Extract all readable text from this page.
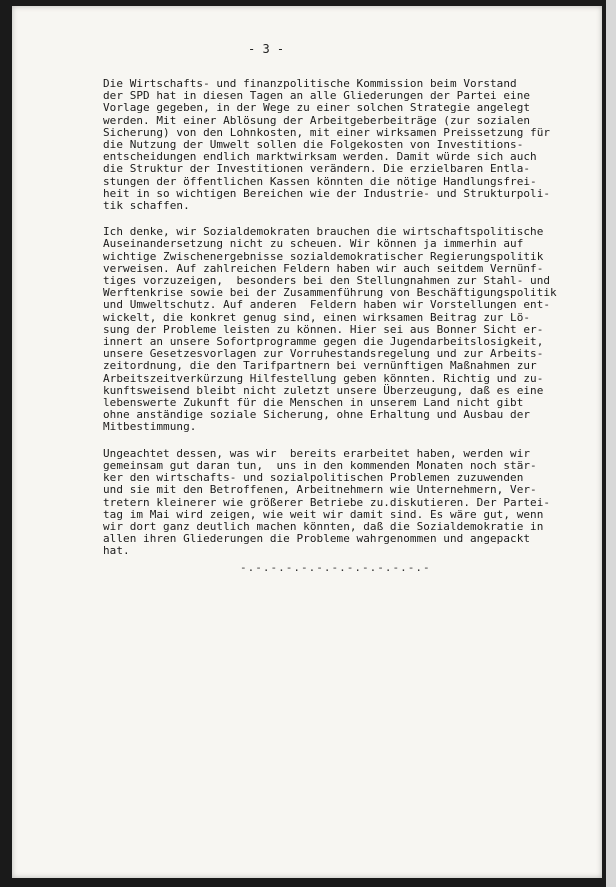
- 3 -
Die Wirtschafts- und finanzpolitische Kommission beim Vorstand
der SPD hat in diesen Tagen an alle Gliederungen der Partei eine
Vorlage gegeben, in der Wege zu einer solchen Strategie angelegt
werden. Mit einer Ablösung der Arbeitgeberbeiträge (zur sozialen
Sicherung) von den Lohnkosten, mit einer wirksamen Preissetzung für
die Nutzung der Umwelt sollen die Folgekosten von Investitions-
entscheidungen endlich marktwirksam werden. Damit würde sich auch
die Struktur der Investitionen verändern. Die erzielbaren Entla-
stungen der öffentlichen Kassen könnten die nötige Handlungsfrei-
heit in so wichtigen Bereichen wie der Industrie- und Strukturpoli-
tik schaffen.
Ich denke, wir Sozialdemokraten brauchen die wirtschaftspolitische
Auseinandersetzung nicht zu scheuen. Wir können ja immerhin auf
wichtige Zwischenergebnisse sozialdemokratischer Regierungspolitik
verweisen. Auf zahlreichen Feldern haben wir auch seitdem Vernünf-
tiges vorzuzeigen,  besonders bei den Stellungnahmen zur Stahl- und
Werftenkrise sowie bei der Zusammenführung von Beschäftigungspolitik
und Umweltschutz. Auf anderen  Feldern haben wir Vorstellungen ent-
wickelt, die konkret genug sind, einen wirksamen Beitrag zur Lö-
sung der Probleme leisten zu können. Hier sei aus Bonner Sicht er-
innert an unsere Sofortprogramme gegen die Jugendarbeitslosigkeit,
unsere Gesetzesvorlagen zur Vorruhestandsregelung und zur Arbeits-
zeitordnung, die den Tarifpartnern bei vernünftigen Maßnahmen zur
Arbeitszeitverkürzung Hilfestellung geben könnten. Richtig und zu-
kunftsweisend bleibt nicht zuletzt unsere Überzeugung, daß es eine
lebenswerte Zukunft für die Menschen in unserem Land nicht gibt
ohne anständige soziale Sicherung, ohne Erhaltung und Ausbau der
Mitbestimmung.
Ungeachtet dessen, was wir  bereits erarbeitet haben, werden wir
gemeinsam gut daran tun,  uns in den kommenden Monaten noch stär-
ker den wirtschafts- und sozialpolitischen Problemen zuzuwenden
und sie mit den Betroffenen, Arbeitnehmern wie Unternehmern, Ver-
tretern kleinerer wie größerer Betriebe zu.diskutieren. Der Partei-
tag im Mai wird zeigen, wie weit wir damit sind. Es wäre gut, wenn
wir dort ganz deutlich machen könnten, daß die Sozialdemokratie in
allen ihren Gliederungen die Probleme wahrgenommen und angepackt
hat.
-.-.-.-.-.-.-.-.-.-.-.-.-
